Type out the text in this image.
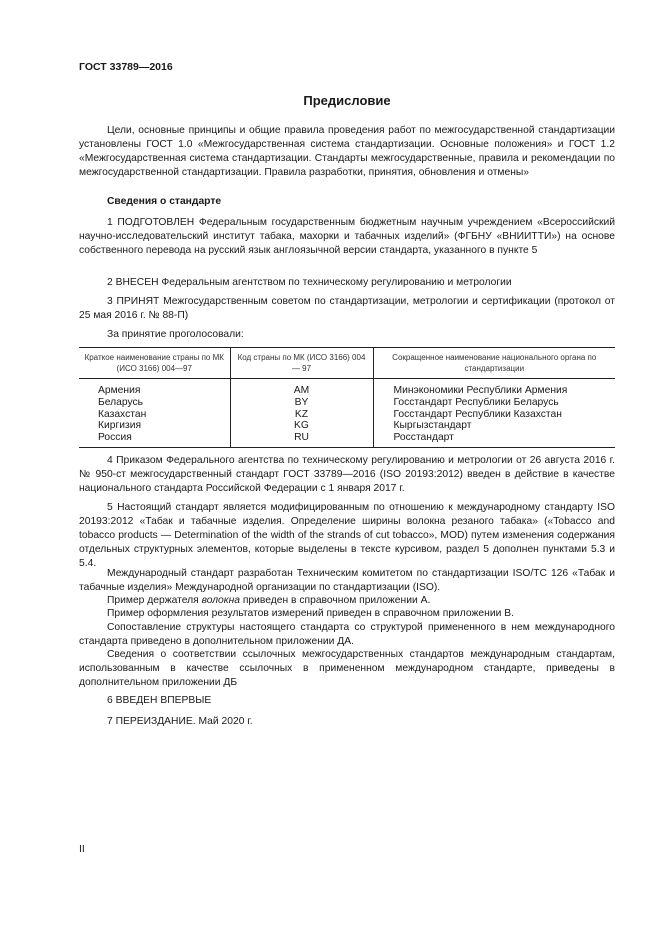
ГОСТ 33789—2016
Предисловие

Цели, основные принципы и общие правила проведения работ по межгосударственной стандартизации установлены ГОСТ 1.0 «Межгосударственная система стандартизации. Основные положения» и ГОСТ 1.2 «Межгосударственная система стандартизации. Стандарты межгосударственные, правила и рекомендации по межгосударственной стандартизации. Правила разработки, принятия, обновления и отмены»

Сведения о стандарте

1 ПОДГОТОВЛЕН Федеральным государственным бюджетным научным учреждением «Всероссийский научно-исследовательский институт табака, махорки и табачных изделий» (ФГБНУ «ВНИИТТИ») на основе собственного перевода на русский язык англоязычной версии стандарта, указанного в пункте 5

2 ВНЕСЕН Федеральным агентством по техническому регулированию и метрологии

3 ПРИНЯТ Межгосударственным советом по стандартизации, метрологии и сертификации (протокол от 25 мая 2016 г. № 88-П)

За принятие проголосовали:

Краткое наименование страны по МК (ИСО 3166) 004—97	Код страны по МК (ИСО 3166) 004— 97	Сокращенное наименование национального органа по стандартизации
Армения	AM	Минэкономики Республики Армения
Беларусь	BY	Госстандарт Республики Беларусь
Казахстан	KZ	Госстандарт Республики Казахстан
Киргизия	KG	Кыргызстандарт
Россия	RU	Росстандарт

4 Приказом Федерального агентства по техническому регулированию и метрологии от 26 августа 2016 г. № 950-ст межгосударственный стандарт ГОСТ 33789—2016 (ISO 20193:2012) введен в действие в качестве национального стандарта Российской Федерации с 1 января 2017 г.

5 Настоящий стандарт является модифицированным по отношению к международному стандарту ISO 20193:2012 «Табак и табачные изделия. Определение ширины волокна резаного табака» («Tobacco and tobacco products — Determination of the width of the strands of cut tobacco», MOD) путем изменения содержания отдельных структурных элементов, которые выделены в тексте курсивом, раздел 5 дополнен пунктами 5.3 и 5.4.

Международный стандарт разработан Техническим комитетом по стандартизации ISO/TC 126 «Табак и табачные изделия» Международной организации по стандартизации (ISO).

Пример держателя волокна приведен в справочном приложении А.

Пример оформления результатов измерений приведен в справочном приложении В.

Сопоставление структуры настоящего стандарта со структурой примененного в нем международного стандарта приведено в дополнительном приложении ДА.

Сведения о соответствии ссылочных межгосударственных стандартов международным стандартам, использованным в качестве ссылочных в примененном международном стандарте, приведены в дополнительном приложении ДБ

6 ВВЕДЕН ВПЕРВЫЕ

7 ПЕРЕИЗДАНИЕ. Май 2020 г.

II
